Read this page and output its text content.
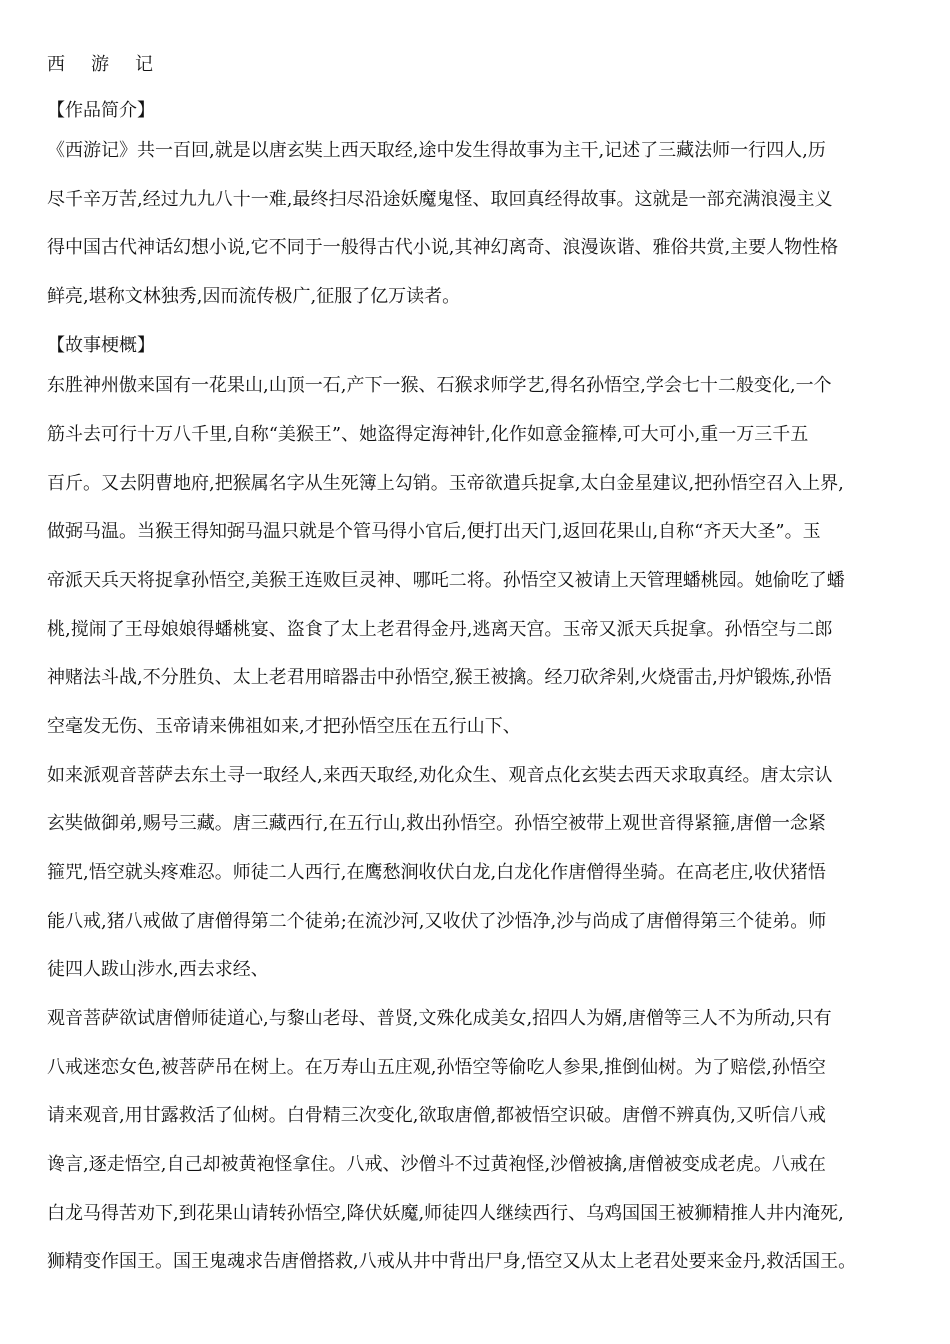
西 游 记
【作品简介】
《西游记》共一百回,就是以唐玄奘上西天取经,途中发生得故事为主干,记述了三藏法师一行四人,历
尽千辛万苦,经过九九八十一难,最终扫尽沿途妖魔鬼怪、取回真经得故事。这就是一部充满浪漫主义
得中国古代神话幻想小说,它不同于一般得古代小说,其神幻离奇、浪漫诙谐、雅俗共赏,主要人物性格
鲜亮,堪称文林独秀,因而流传极广,征服了亿万读者。
【故事梗概】
东胜神州傲来国有一花果山,山顶一石,产下一猴、石猴求师学艺,得名孙悟空,学会七十二般变化,一个
筋斗去可行十万八千里,自称“美猴王”、她盗得定海神针,化作如意金箍棒,可大可小,重一万三千五
百斤。又去阴曹地府,把猴属名字从生死簿上勾销。玉帝欲遣兵捉拿,太白金星建议,把孙悟空召入上界,
做弼马温。当猴王得知弼马温只就是个管马得小官后,便打出天门,返回花果山,自称“齐天大圣”。玉
帝派天兵天将捉拿孙悟空,美猴王连败巨灵神、哪吒二将。孙悟空又被请上天管理蟠桃园。她偷吃了蟠
桃,搅闹了王母娘娘得蟠桃宴、盗食了太上老君得金丹,逃离天宫。玉帝又派天兵捉拿。孙悟空与二郎
神赌法斗战,不分胜负、太上老君用暗器击中孙悟空,猴王被擒。经刀砍斧剁,火烧雷击,丹炉锻炼,孙悟
空毫发无伤、玉帝请来佛祖如来,才把孙悟空压在五行山下、
如来派观音菩萨去东土寻一取经人,来西天取经,劝化众生、观音点化玄奘去西天求取真经。唐太宗认
玄奘做御弟,赐号三藏。唐三藏西行,在五行山,救出孙悟空。孙悟空被带上观世音得紧箍,唐僧一念紧
箍咒,悟空就头疼难忍。师徒二人西行,在鹰愁涧收伏白龙,白龙化作唐僧得坐骑。在高老庄,收伏猪悟
能八戒,猪八戒做了唐僧得第二个徒弟;在流沙河,又收伏了沙悟净,沙与尚成了唐僧得第三个徒弟。师
徒四人跋山涉水,西去求经、
观音菩萨欲试唐僧师徒道心,与黎山老母、普贤,文殊化成美女,招四人为婿,唐僧等三人不为所动,只有
八戒迷恋女色,被菩萨吊在树上。在万寿山五庄观,孙悟空等偷吃人参果,推倒仙树。为了赔偿,孙悟空
请来观音,用甘露救活了仙树。白骨精三次变化,欲取唐僧,都被悟空识破。唐僧不辨真伪,又听信八戒
谗言,逐走悟空,自己却被黄袍怪拿住。八戒、沙僧斗不过黄袍怪,沙僧被擒,唐僧被变成老虎。八戒在
白龙马得苦劝下,到花果山请转孙悟空,降伏妖魔,师徒四人继续西行、乌鸡国国王被狮精推人井内淹死,
狮精变作国王。国王鬼魂求告唐僧搭救,八戒从井中背出尸身,悟空又从太上老君处要来金丹,救活国王。
